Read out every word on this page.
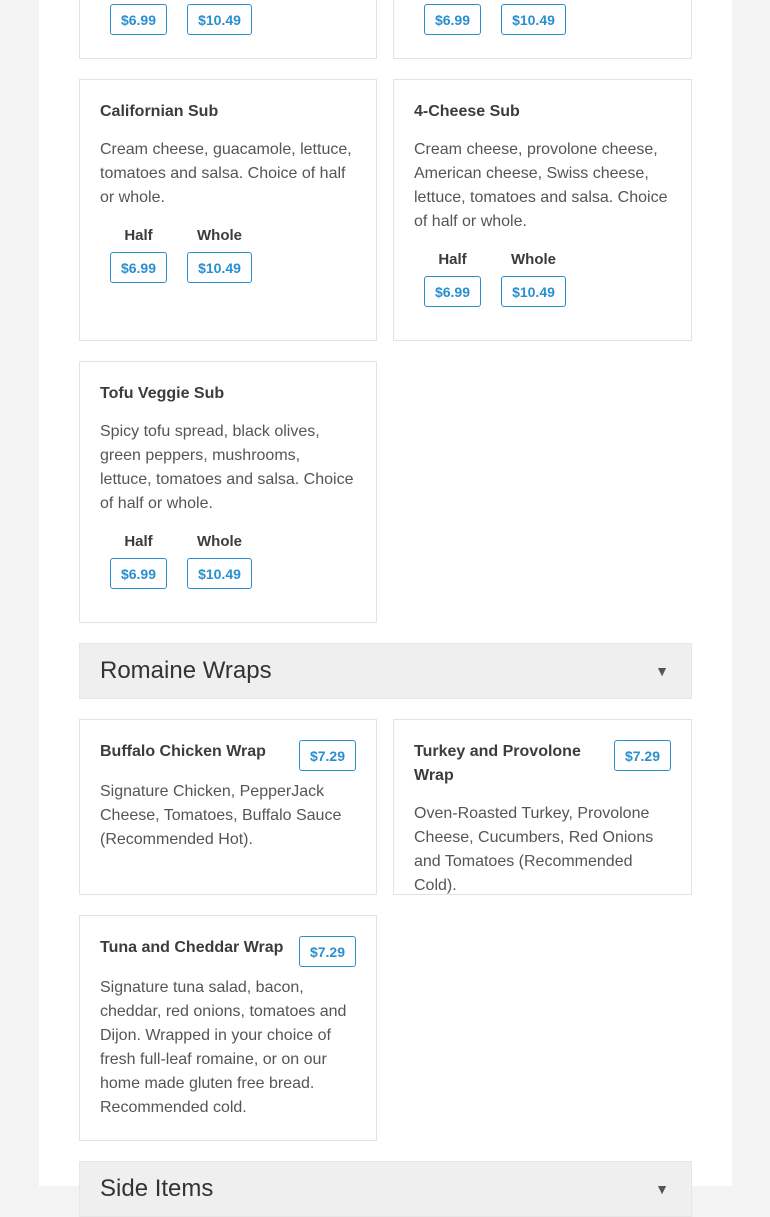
$6.99	$10.49	$6.99	$10.49
Californian Sub
Cream cheese, guacamole, lettuce, tomatoes and salsa. Choice of half or whole.
Half	Whole
$6.99	$10.49
4-Cheese Sub
Cream cheese, provolone cheese, American cheese, Swiss cheese, lettuce, tomatoes and salsa. Choice of half or whole.
Half	Whole
$6.99	$10.49
Tofu Veggie Sub
Spicy tofu spread, black olives, green peppers, mushrooms, lettuce, tomatoes and salsa. Choice of half or whole.
Half	Whole
$6.99	$10.49
Romaine Wraps	▼
Buffalo Chicken Wrap	$7.29
Signature Chicken, PepperJack Cheese, Tomatoes, Buffalo Sauce (Recommended Hot).
Turkey and Provolone Wrap
$7.29
Oven-Roasted Turkey, Provolone Cheese, Cucumbers, Red Onions and Tomatoes (Recommended Cold).
Tuna and Cheddar Wrap	$7.29
Signature tuna salad, bacon, cheddar, red onions, tomatoes and Dijon. Wrapped in your choice of fresh full-leaf romaine, or on our home made gluten free bread. Recommended cold.
Side Items	▼
